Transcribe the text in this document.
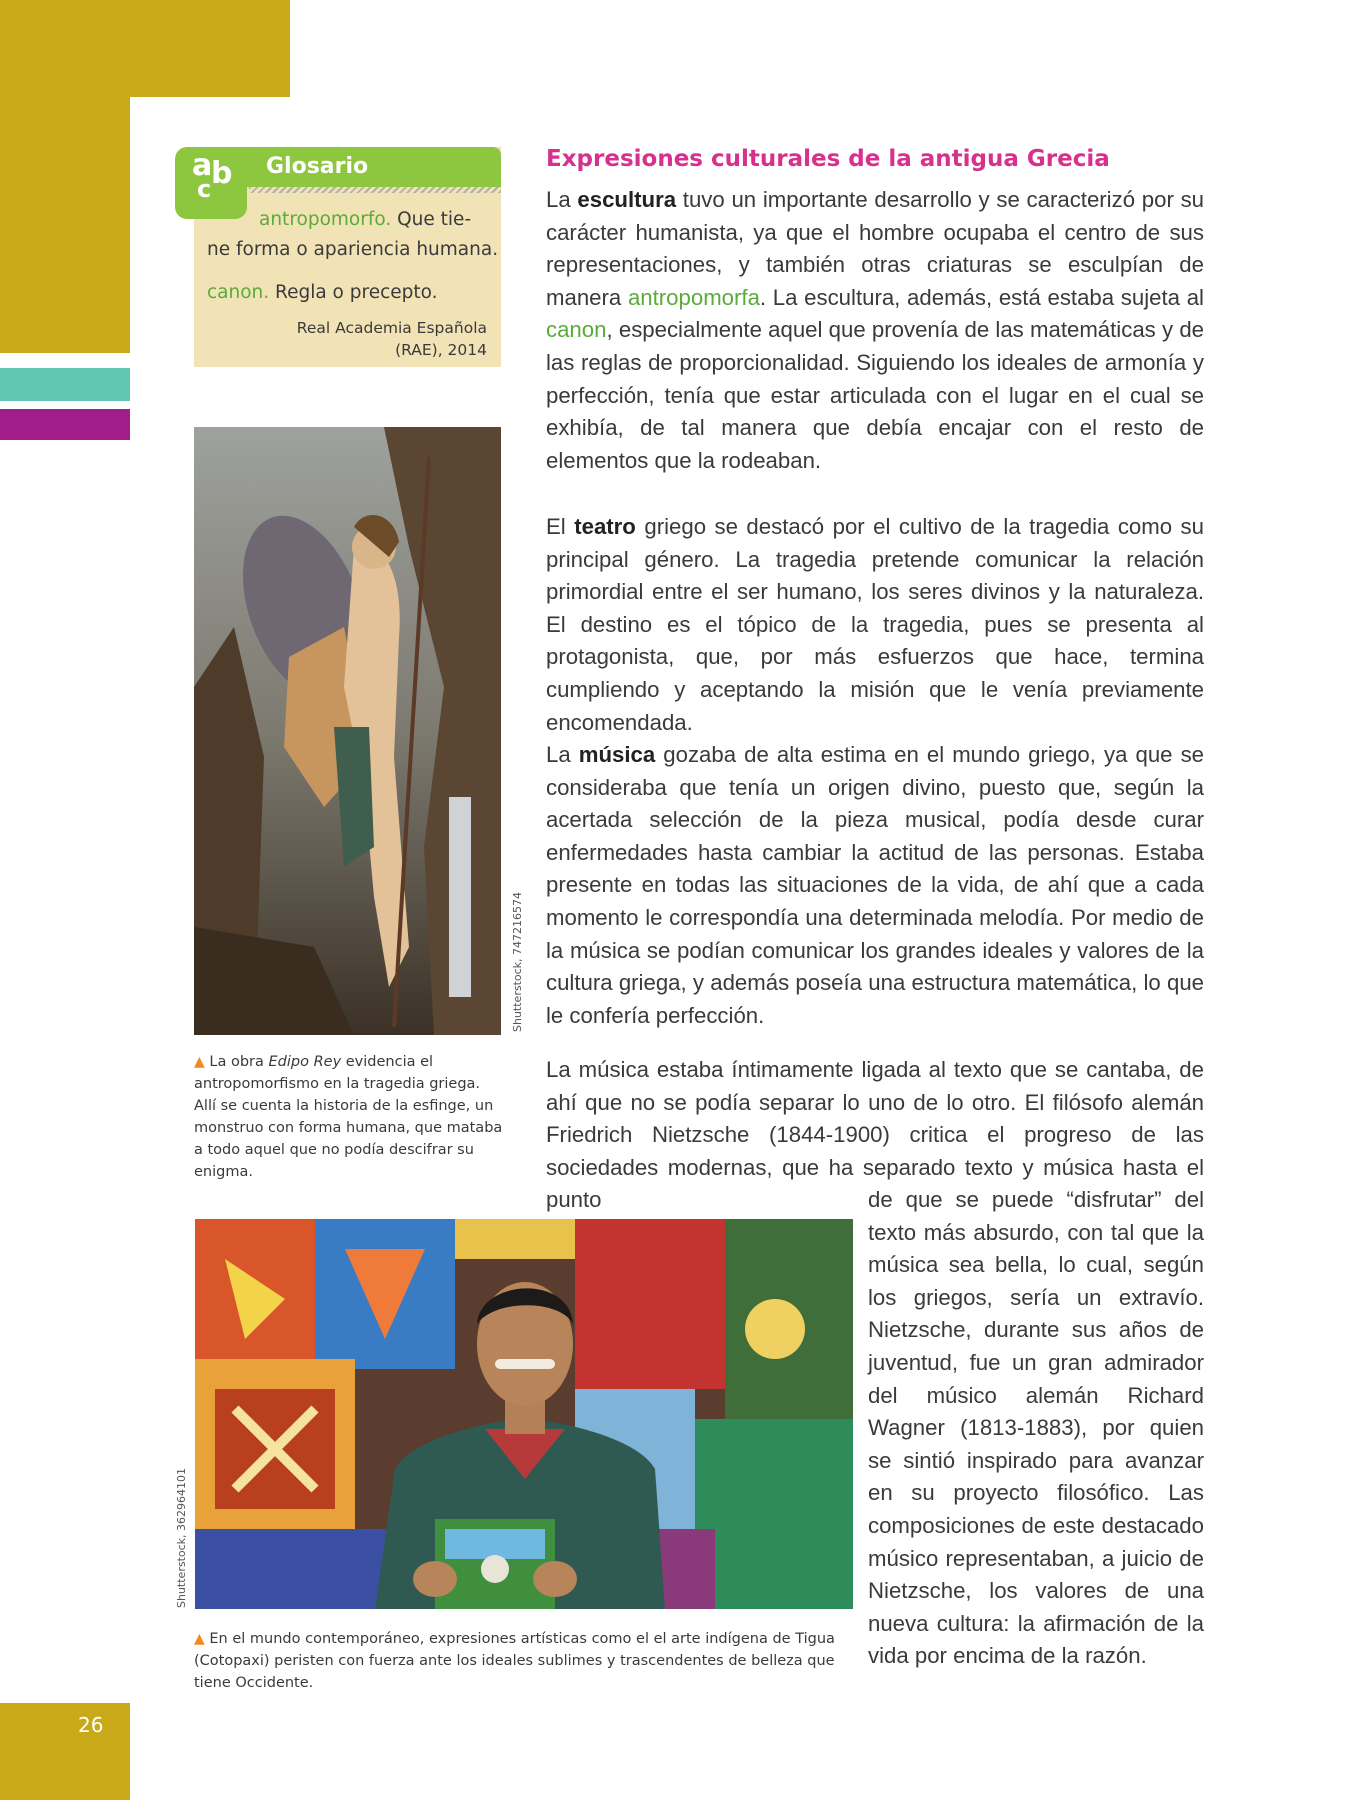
26
Glosario
antropomorfo. Que tie-
ne forma o apariencia humana.
canon. Regla o precepto.
Real Academia Española
(RAE), 2014
a
b
c
Shutterstock, 747216574
▲ La obra Edipo Rey evidencia el antropomorfismo en la tragedia griega. Allí se cuenta la historia de la esfinge, un monstruo con forma humana, que mataba a todo aquel que no podía descifrar su enigma.
Shutterstock, 362964101
▲ En el mundo contemporáneo, expresiones artísticas como el el arte indígena de Tigua (Cotopaxi) peristen con fuerza ante los ideales sublimes y trascendentes de belleza que tiene Occidente.
Expresiones culturales de la antigua Grecia

La escultura tuvo un importante desarrollo y se caracterizó por su carácter humanista, ya que el hombre ocupaba el centro de sus representaciones, y también otras criaturas se esculpían de manera antropomorfa. La escultura, además, está estaba sujeta al canon, especialmente aquel que provenía de las matemáticas y de las reglas de proporcionalidad. Siguiendo los ideales de armonía y perfección, tenía que estar articulada con el lugar en el cual se exhibía, de tal manera que debía encajar con el resto de elementos que la rodeaban.

El teatro griego se destacó por el cultivo de la tragedia como su principal género. La tragedia pretende comunicar la relación primordial entre el ser humano, los seres divinos y la naturaleza. El destino es el tópico de la tragedia, pues se presenta al protagonista, que, por más esfuerzos que hace, termina cumpliendo y aceptando la misión que le venía previamente encomendada.

La música gozaba de alta estima en el mundo griego, ya que se consideraba que tenía un origen divino, puesto que, según la acertada selección de la pieza musical, podía desde curar enfermedades hasta cambiar la actitud de las personas. Estaba presente en todas las situaciones de la vida, de ahí que a cada momento le correspondía una determinada melodía. Por medio de la música se podían comunicar los grandes ideales y valores de la cultura griega, y además poseía una estructura matemática, lo que le confería perfección.

La música estaba íntimamente ligada al texto que se cantaba, de ahí que no se podía separar lo uno de lo otro. El filósofo alemán Friedrich Nietzsche (1844-1900) critica el progreso de las sociedades modernas, que ha separado texto y música hasta el punto	de que se puede “disfrutar” del texto más absurdo, con tal que la música sea bella, lo cual, según los griegos, sería un extravío. Nietzsche, durante sus años de juventud, fue un gran admirador del músico alemán Richard Wagner (1813-1883), por quien se sintió inspirado para avanzar en su proyecto filosófico. Las composiciones de este destacado músico representaban, a juicio de Nietzsche, los valores de una nueva cultura: la afirmación de la vida por encima de la razón.
